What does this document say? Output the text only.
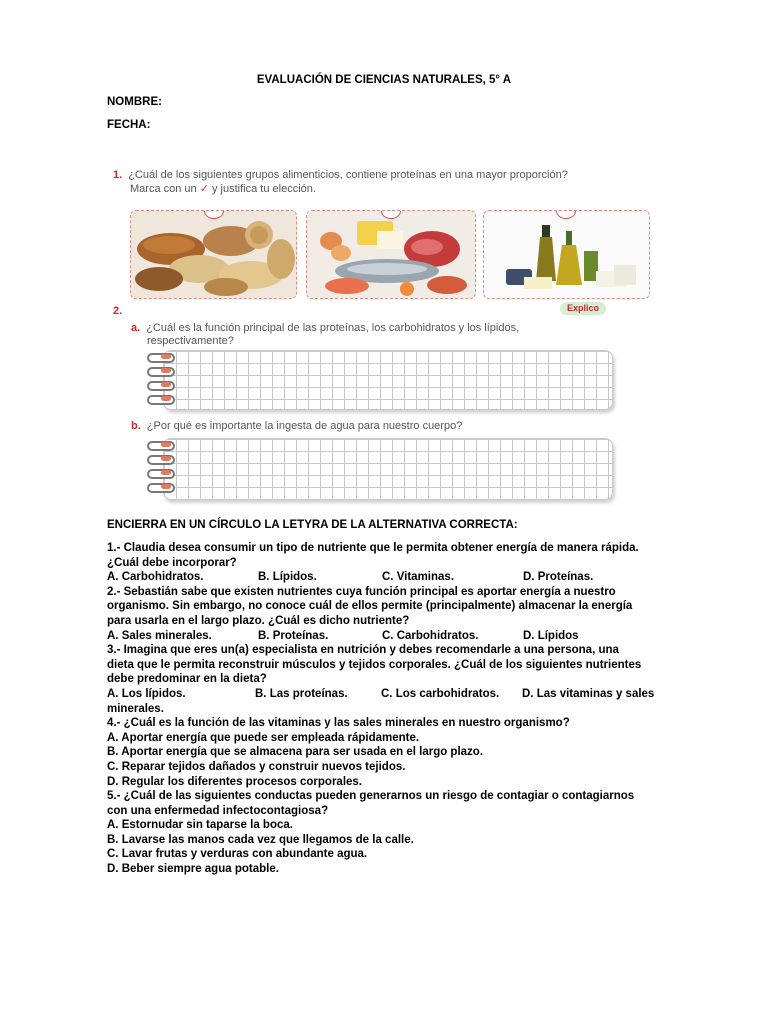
EVALUACIÓN DE CIENCIAS NATURALES, 5° A
NOMBRE:
FECHA:
1. ¿Cuál de los siguientes grupos alimenticios, contiene proteínas en una mayor proporción?
Marca con un ✓ y justifica tu elección.
2.	Explico
a. ¿Cuál es la función principal de las proteínas, los carbohidratos y los lípidos,
respectivamente?
b. ¿Por qué es importante la ingesta de agua para nuestro cuerpo?
ENCIERRA EN UN CÍRCULO LA LETYRA DE LA ALTERNATIVA CORRECTA:
1.- Claudia desea consumir un tipo de nutriente que le permita obtener energía de manera rápida.
¿Cuál debe incorporar?
A. Carbohidratos.	B. Lípidos.	C. Vitaminas.	D. Proteínas.
2.- Sebastián sabe que existen nutrientes cuya función principal es aportar energía a nuestro
organismo. Sin embargo, no conoce cuál de ellos permite (principalmente) almacenar la energía
para usarla en el largo plazo. ¿Cuál es dicho nutriente?
A. Sales minerales.	B. Proteínas.	C. Carbohidratos.	D. Lípidos
3.- Imagina que eres un(a) especialista en nutrición y debes recomendarle a una persona, una
dieta que le permita reconstruir músculos y tejidos corporales. ¿Cuál de los siguientes nutrientes
debe predominar en la dieta?
A. Los lípidos.	B. Las proteínas.	C. Los carbohidratos.	D. Las vitaminas y sales
minerales.
4.- ¿Cuál es la función de las vitaminas y las sales minerales en nuestro organismo?
A. Aportar energía que puede ser empleada rápidamente.
B. Aportar energía que se almacena para ser usada en el largo plazo.
C. Reparar tejidos dañados y construir nuevos tejidos.
D. Regular los diferentes procesos corporales.
5.- ¿Cuál de las siguientes conductas pueden generarnos un riesgo de contagiar o contagiarnos
con una enfermedad infectocontagiosa?
A. Estornudar sin taparse la boca.
B. Lavarse las manos cada vez que llegamos de la calle.
C. Lavar frutas y verduras con abundante agua.
D. Beber siempre agua potable.
